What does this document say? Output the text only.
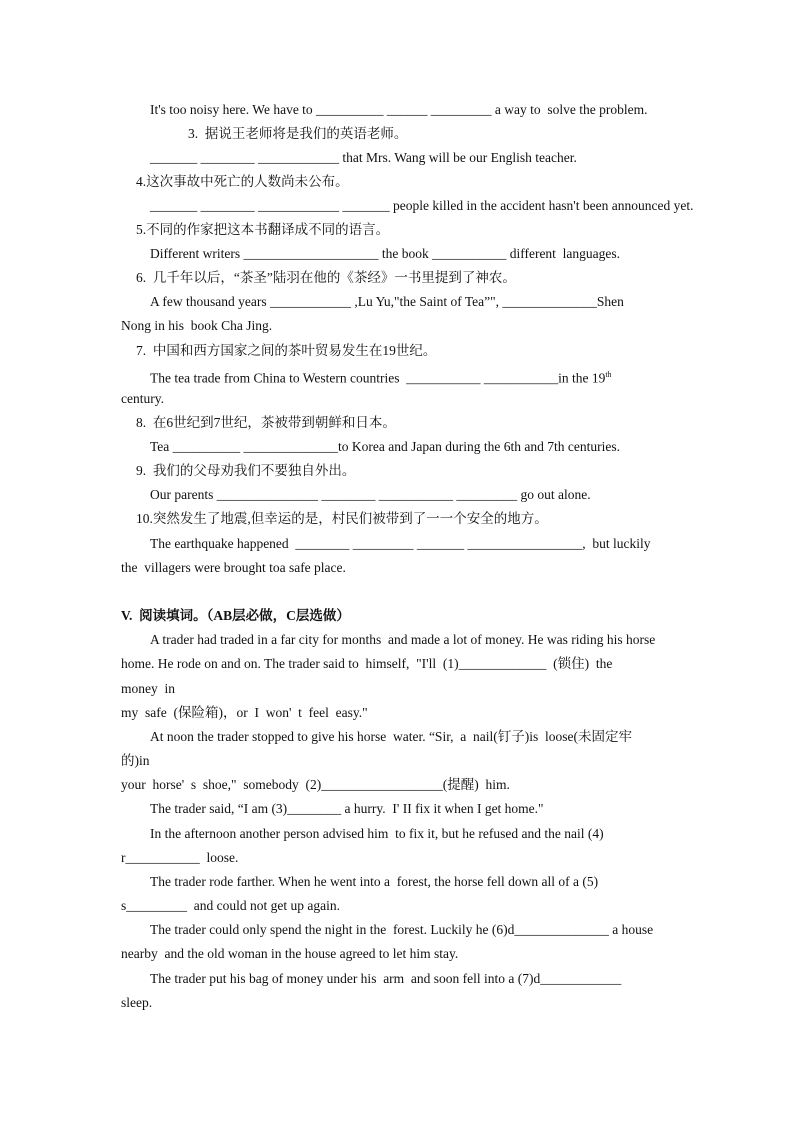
It's too noisy here. We have to __________ ______ _________ a way to  solve the problem.
3.  据说王老师将是我们的英语老师。
_______ ________ ____________ that Mrs. Wang will be our English teacher.
4.这次事故中死亡的人数尚未公布。
_______ ________ ____________ _______ people killed in the accident hasn't been announced yet.
5.不同的作家把这本书翻译成不同的语言。
Different writers ____________________ the book ___________ different  languages.
6.  几千年以后，“茶圣”陆羽在他的《茶经》一书里提到了神农。
A few thousand years ____________ ,Lu Yu,"the Saint of Tea”", ______________Shen
Nong in his  book Cha Jing.
7.  中国和西方国家之间的茶叶贸易发生在19世纪。
The tea trade from China to Western countries  ___________ ___________in the 19th
century.
8.  在6世纪到7世纪，茶被带到朝鲜和日本。
Tea __________ ______________to Korea and Japan during the 6th and 7th centuries.
9.  我们的父母劝我们不要独自外出。
Our parents _______________ ________ ___________ _________ go out alone.
10.突然发生了地震,但幸运的是，村民们被带到了一一个安全的地方。
The earthquake happened  ________ _________ _______ _________________,  but luckily
the  villagers were brought toa safe place.
V.  阅读填词。（AB层必做，C层选做）
A trader had traded in a far city for months  and made a lot of money. He was riding his horse
home. He rode on and on. The trader said to  himself,  "I'll  (1)_____________  (锁住)  the
money  in
my  safe  (保险箱)，or  I  won'  t  feel  easy."
At noon the trader stopped to give his horse  water. “Sir,  a  nail(钉子)is  loose(未固定牢
的)in
your  horse'  s  shoe,"  somebody  (2)__________________(提醒)  him.
The trader said, “I am (3)________ a hurry.  I' II fix it when I get home."
In the afternoon another person advised him  to fix it, but he refused and the nail (4)
r___________  loose.
The trader rode farther. When he went into a  forest, the horse fell down all of a (5)
s_________  and could not get up again.
The trader could only spend the night in the  forest. Luckily he (6)d______________ a house
nearby  and the old woman in the house agreed to let him stay.
The trader put his bag of money under his  arm  and soon fell into a (7)d____________
sleep.
